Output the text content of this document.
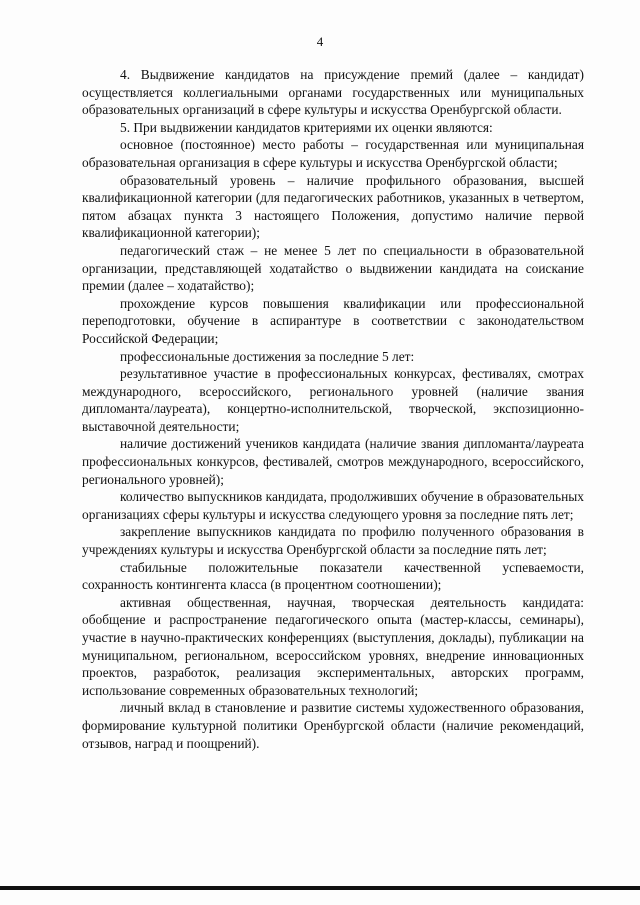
4

4. Выдвижение кандидатов на присуждение премий (далее – кандидат) осуществляется коллегиальными органами государственных или муниципальных образовательных организаций в сфере культуры и искусства Оренбургской области.

5. При выдвижении кандидатов критериями их оценки являются:

основное (постоянное) место работы – государственная или муниципальная образовательная организация в сфере культуры и искусства Оренбургской области;

образовательный уровень – наличие профильного образования, высшей квалификационной категории (для педагогических работников, указанных в четвертом, пятом абзацах пункта 3 настоящего Положения, допустимо наличие первой квалификационной категории);

педагогический стаж – не менее 5 лет по специальности в образовательной организации, представляющей ходатайство о выдвижении кандидата на соискание премии (далее – ходатайство);

прохождение курсов повышения квалификации или профессиональной переподготовки, обучение в аспирантуре в соответствии с законодательством Российской Федерации;

профессиональные достижения за последние 5 лет:

результативное участие в профессиональных конкурсах, фестивалях, смотрах международного, всероссийского, регионального уровней (наличие звания дипломанта/лауреата), концертно-исполнительской, творческой, экспозиционно-выставочной деятельности;

наличие достижений учеников кандидата (наличие звания дипломанта/лауреата профессиональных конкурсов, фестивалей, смотров международного, всероссийского, регионального уровней);

количество выпускников кандидата, продолживших обучение в образовательных организациях сферы культуры и искусства следующего уровня за последние пять лет;

закрепление выпускников кандидата по профилю полученного образования в учреждениях культуры и искусства Оренбургской области за последние пять лет;

стабильные положительные показатели качественной успеваемости, сохранность контингента класса (в процентном соотношении);

активная общественная, научная, творческая деятельность кандидата: обобщение и распространение педагогического опыта (мастер-классы, семинары), участие в научно-практических конференциях (выступления, доклады), публикации на муниципальном, региональном, всероссийском уровнях, внедрение инновационных проектов, разработок, реализация экспериментальных, авторских программ, использование современных образовательных технологий;

личный вклад в становление и развитие системы художественного образования, формирование культурной политики Оренбургской области (наличие рекомендаций, отзывов, наград и поощрений).
